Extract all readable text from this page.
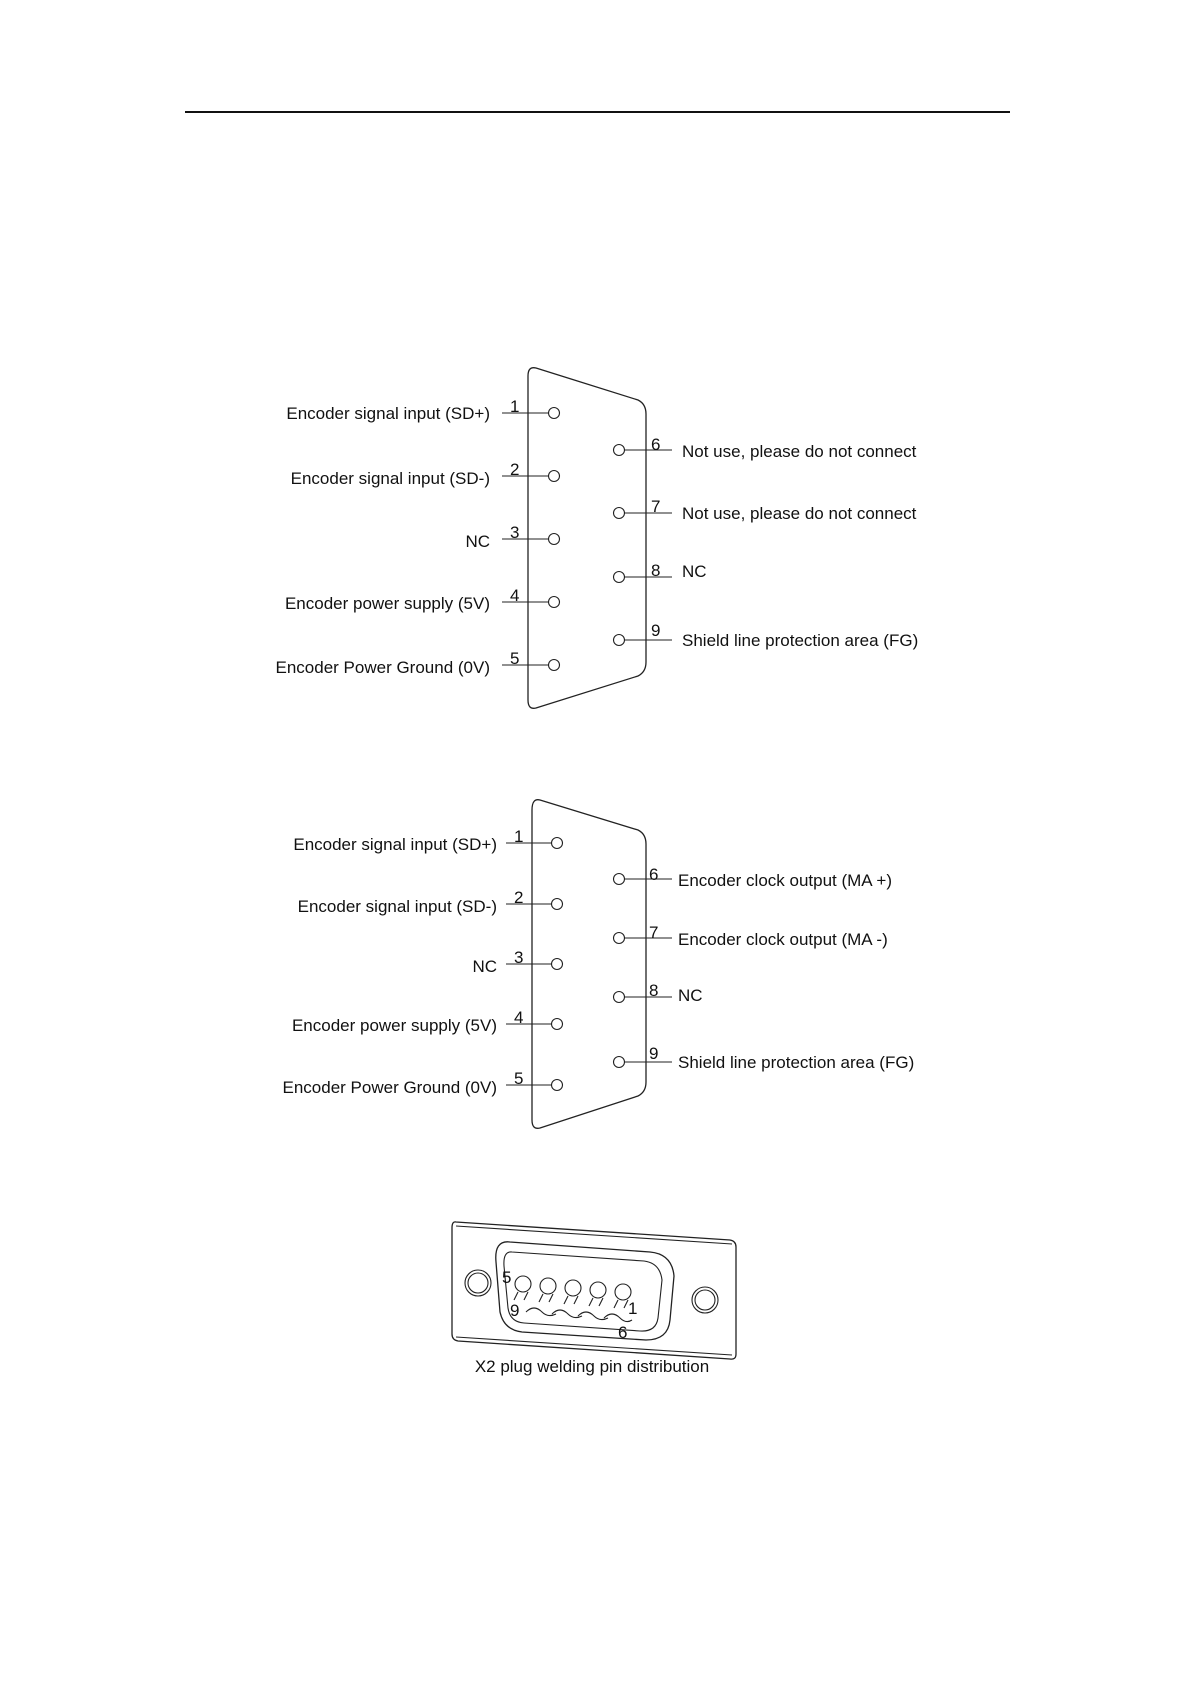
1
Encoder signal input (SD+)
2
Encoder signal input (SD-)
3
NC
4
Encoder power supply (5V)
5
Encoder Power Ground (0V)
6 Not use, please do not connect
7 Not use, please do not connect
8 NC
9
Shield line protection area (FG)
1
Encoder signal input (SD+)
2
Encoder signal input (SD-)
3
NC
4
Encoder power supply (5V)
5
Encoder Power Ground (0V)
6 Encoder clock output (MA +)
7 Encoder clock output (MA -)
8 NC
9 Shield line protection area (FG)
5
1
9
6
X2 plug welding pin distribution
